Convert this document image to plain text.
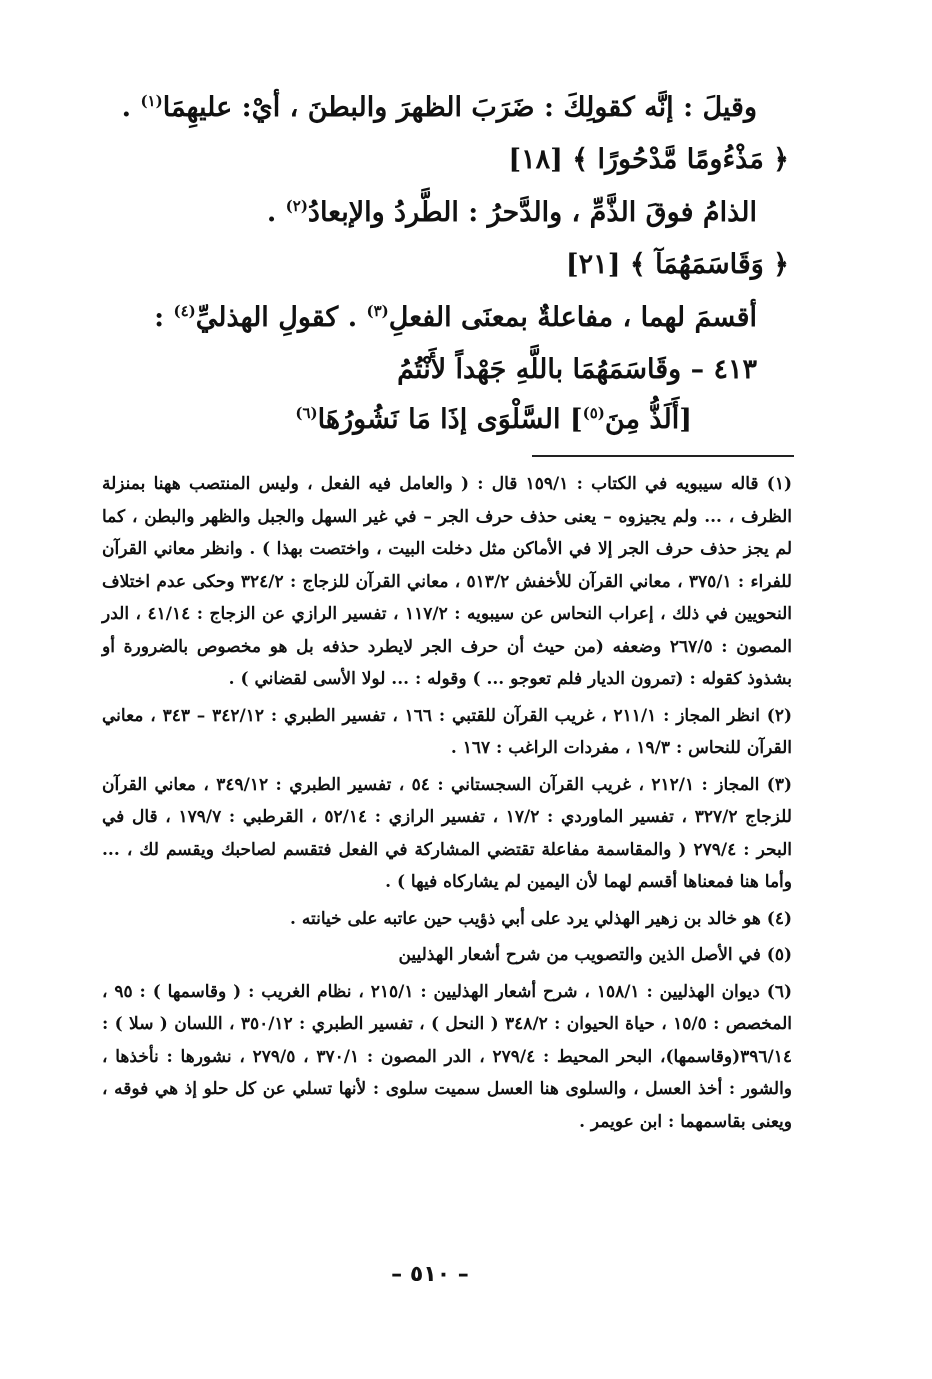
وقيلَ : إنَّه كقولِكَ : ضَرَبَ الظهرَ والبطنَ ، أيْ: عليهِمَا$^{(١)}$ .
﴿ مَذْءُومًا مَّدْحُورًا ﴾ [١٨]
الذامُ فوقَ الذَّمِّ ، والدَّحرُ : الطَّردُ والإبعادُ$^{(٢)}$ .
﴿ وَقَاسَمَهُمَآ ﴾ [٢١]
أقسمَ لهما ، مفاعلةٌ بمعنَى الفعلِ$^{(٣)}$ . كقولِ الهذليِّ$^{(٤)}$ :
٤١٣ – وقَاسَمَهُمَا باللَّهِ جَهْداً لأَنْتُمُ
[أَلَذُّ مِنَ$^{(٥)}$] السَّلْوَى إذَا مَا نَشُورُهَا$^{(٦)}$

(١) قاله سيبويه في الكتاب : ١٥٩/١ قال : ( والعامل فيه الفعل ، وليس المنتصب ههنا بمنزلة الظرف ، ... ولم يجيزوه – يعنى حذف حرف الجر – في غير السهل والجبل والظهر والبطن ، كما لم يجز حذف حرف الجر إلا في الأماكن مثل دخلت البيت ، واختصت بهذا ) . وانظر معاني القرآن للفراء : ٣٧٥/١ ، معاني القرآن للأخفش ٥١٣/٢ ، معاني القرآن للزجاج : ٣٢٤/٢ وحكى عدم اختلاف النحويين في ذلك ، إعراب النحاس عن سيبويه : ١١٧/٢ ، تفسير الرازي عن الزجاج : ٤١/١٤ ، الدر المصون : ٢٦٧/٥ وضعفه (من حيث أن حرف الجر لايطرد حذفه بل هو مخصوص بالضرورة أو بشذوذ كقوله : (تمرون الديار فلم تعوجو ... ) وقوله : ... لولا الأسى لقضاني ) .

(٢) انظر المجاز : ٢١١/١ ، غريب القرآن للقتبي : ١٦٦ ، تفسير الطبري : ٣٤٢/١٢ – ٣٤٣ ، معاني القرآن للنحاس : ١٩/٣ ، مفردات الراغب : ١٦٧ .

(٣) المجاز : ٢١٢/١ ، غريب القرآن السجستاني : ٥٤ ، تفسير الطبري : ٣٤٩/١٢ ، معاني القرآن للزجاج ٣٢٧/٢ ، تفسير الماوردي : ١٧/٢ ، تفسير الرازي : ٥٢/١٤ ، القرطبي : ١٧٩/٧ ، قال في البحر : ٢٧٩/٤ ( والمقاسمة مفاعلة تقتضي المشاركة في الفعل فتقسم لصاحبك ويقسم لك ، ... وأما هنا فمعناها أقسم لهما لأن اليمين لم يشاركاه فيها ) .

(٤) هو خالد بن زهير الهذلي يرد على أبي ذؤيب حين عاتبه على خيانته .

(٥) في الأصل الذين والتصويب من شرح أشعار الهذليين

(٦) ديوان الهذليين : ١٥٨/١ ، شرح أشعار الهذليين : ٢١٥/١ ، نظام الغريب : ( وقاسمها ) : ٩٥ ، المخصص : ١٥/٥ ، حياة الحيوان : ٣٤٨/٢ ( النحل ) ، تفسير الطبري : ٣٥٠/١٢ ، اللسان ( سلا ) : ٣٩٦/١٤(وقاسمها)، البحر المحيط : ٢٧٩/٤ ، الدر المصون : ٣٧٠/١ ، ٢٧٩/٥ ، نشورها : نأخذها ، والشور : أخذ العسل ، والسلوى هنا العسل سميت سلوى : لأنها تسلي عن كل حلو إذ هي فوقه ، ويعنى بقاسمهما : ابن عويمر .

– ٥١٠ –
